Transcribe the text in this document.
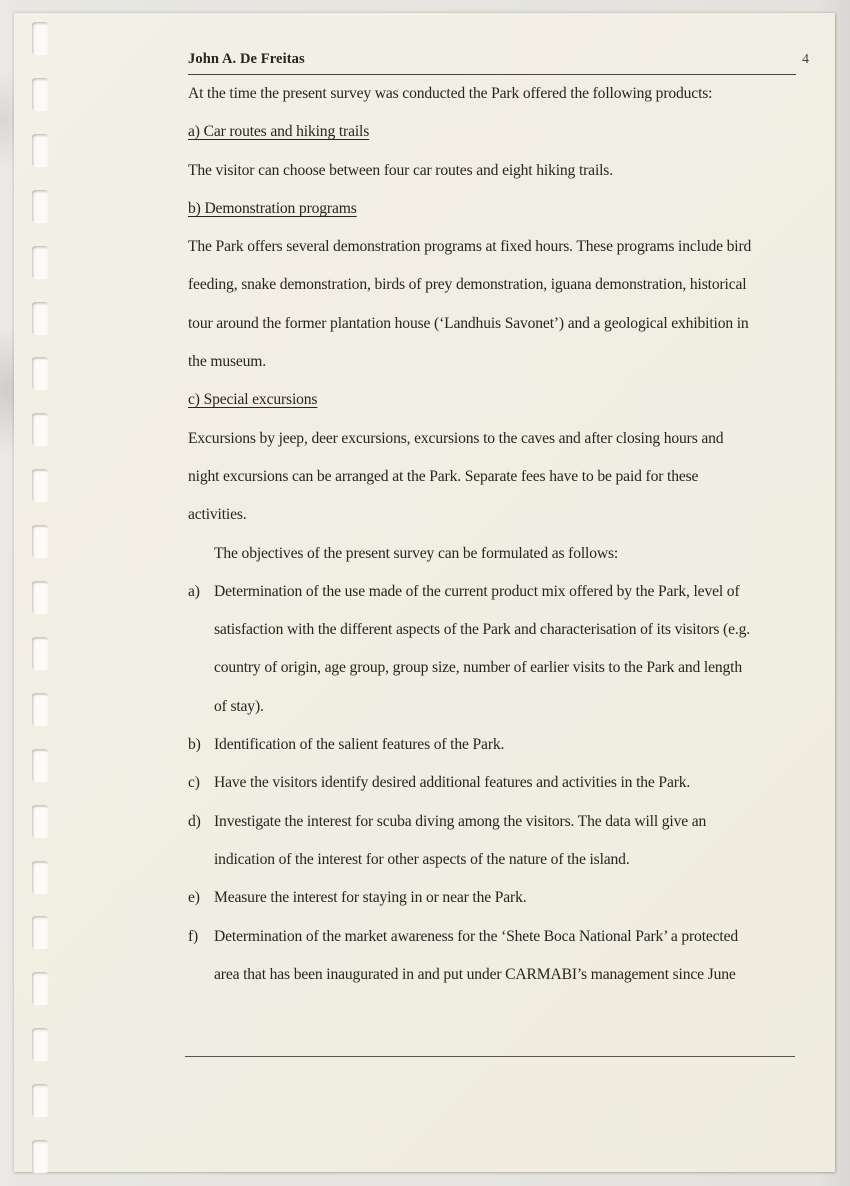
John A. De Freitas	4
At the time the present survey was conducted the Park offered the following products:
a) Car routes and hiking trails
The visitor can choose between four car routes and eight hiking trails.
b) Demonstration programs
The Park offers several demonstration programs at fixed hours. These programs include bird
feeding, snake demonstration, birds of prey demonstration, iguana demonstration, historical
tour around the former plantation house (‘Landhuis Savonet’) and a geological exhibition in
the museum.
c) Special excursions
Excursions by jeep, deer excursions, excursions to the caves and after closing hours and
night excursions can be arranged at the Park. Separate fees have to be paid for these
activities.
The objectives of the present survey can be formulated as follows:
a) Determination of the use made of the current product mix offered by the Park, level of
satisfaction with the different aspects of the Park and characterisation of its visitors (e.g.
country of origin, age group, group size, number of earlier visits to the Park and length
of stay).
b) Identification of the salient features of the Park.
c) Have the visitors identify desired additional features and activities in the Park.
d) Investigate the interest for scuba diving among the visitors. The data will give an
indication of the interest for other aspects of the nature of the island.
e) Measure the interest for staying in or near the Park.
f)	Determination of the market awareness for the ‘Shete Boca National Park’ a protected
area that has been inaugurated in and put under CARMABI’s management since June
